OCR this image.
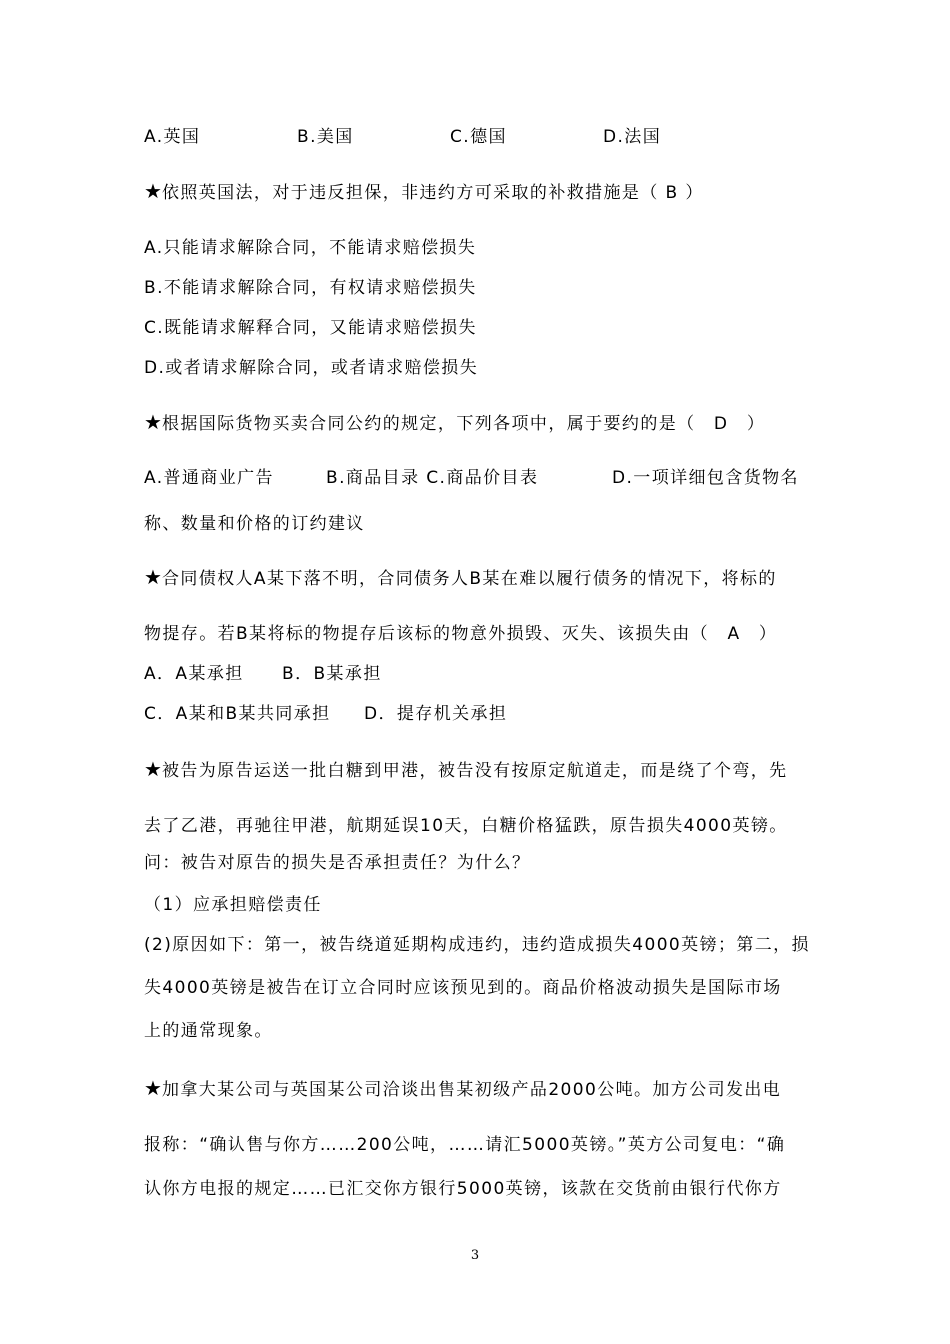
A.英国	B.美国	C.德国	D.法国
★依照英国法，对于违反担保，非违约方可采取的补救措施是（ B ）
A.只能请求解除合同，不能请求赔偿损失
B.不能请求解除合同，有权请求赔偿损失
C.既能请求解释合同，又能请求赔偿损失
D.或者请求解除合同，或者请求赔偿损失
★根据国际货物买卖合同公约的规定，下列各项中，属于要约的是（　D　）
A.普通商业广告	B.商品目录 C.商品价目表	D.一项详细包含货物名
称、数量和价格的订约建议
★合同债权人A某下落不明，合同债务人B某在难以履行债务的情况下，将标的
物提存。若B某将标的物提存后该标的物意外损毁、灭失、该损失由（　A　）
A．A某承担 B．B某承担
C．A某和B某共同承担 D．提存机关承担
★被告为原告运送一批白糖到甲港，被告没有按原定航道走，而是绕了个弯，先
去了乙港，再驰往甲港，航期延误10天，白糖价格猛跌，原告损失4000英镑。
问：被告对原告的损失是否承担责任？为什么？
（1）应承担赔偿责任
(2)原因如下：第一，被告绕道延期构成违约，违约造成损失4000英镑；第二，损
失4000英镑是被告在订立合同时应该预见到的。商品价格波动损失是国际市场
上的通常现象。
★加拿大某公司与英国某公司洽谈出售某初级产品2000公吨。加方公司发出电
报称：“确认售与你方……200公吨，……请汇5000英镑。”英方公司复电：“确
认你方电报的规定……已汇交你方银行5000英镑，该款在交货前由银行代你方
3
